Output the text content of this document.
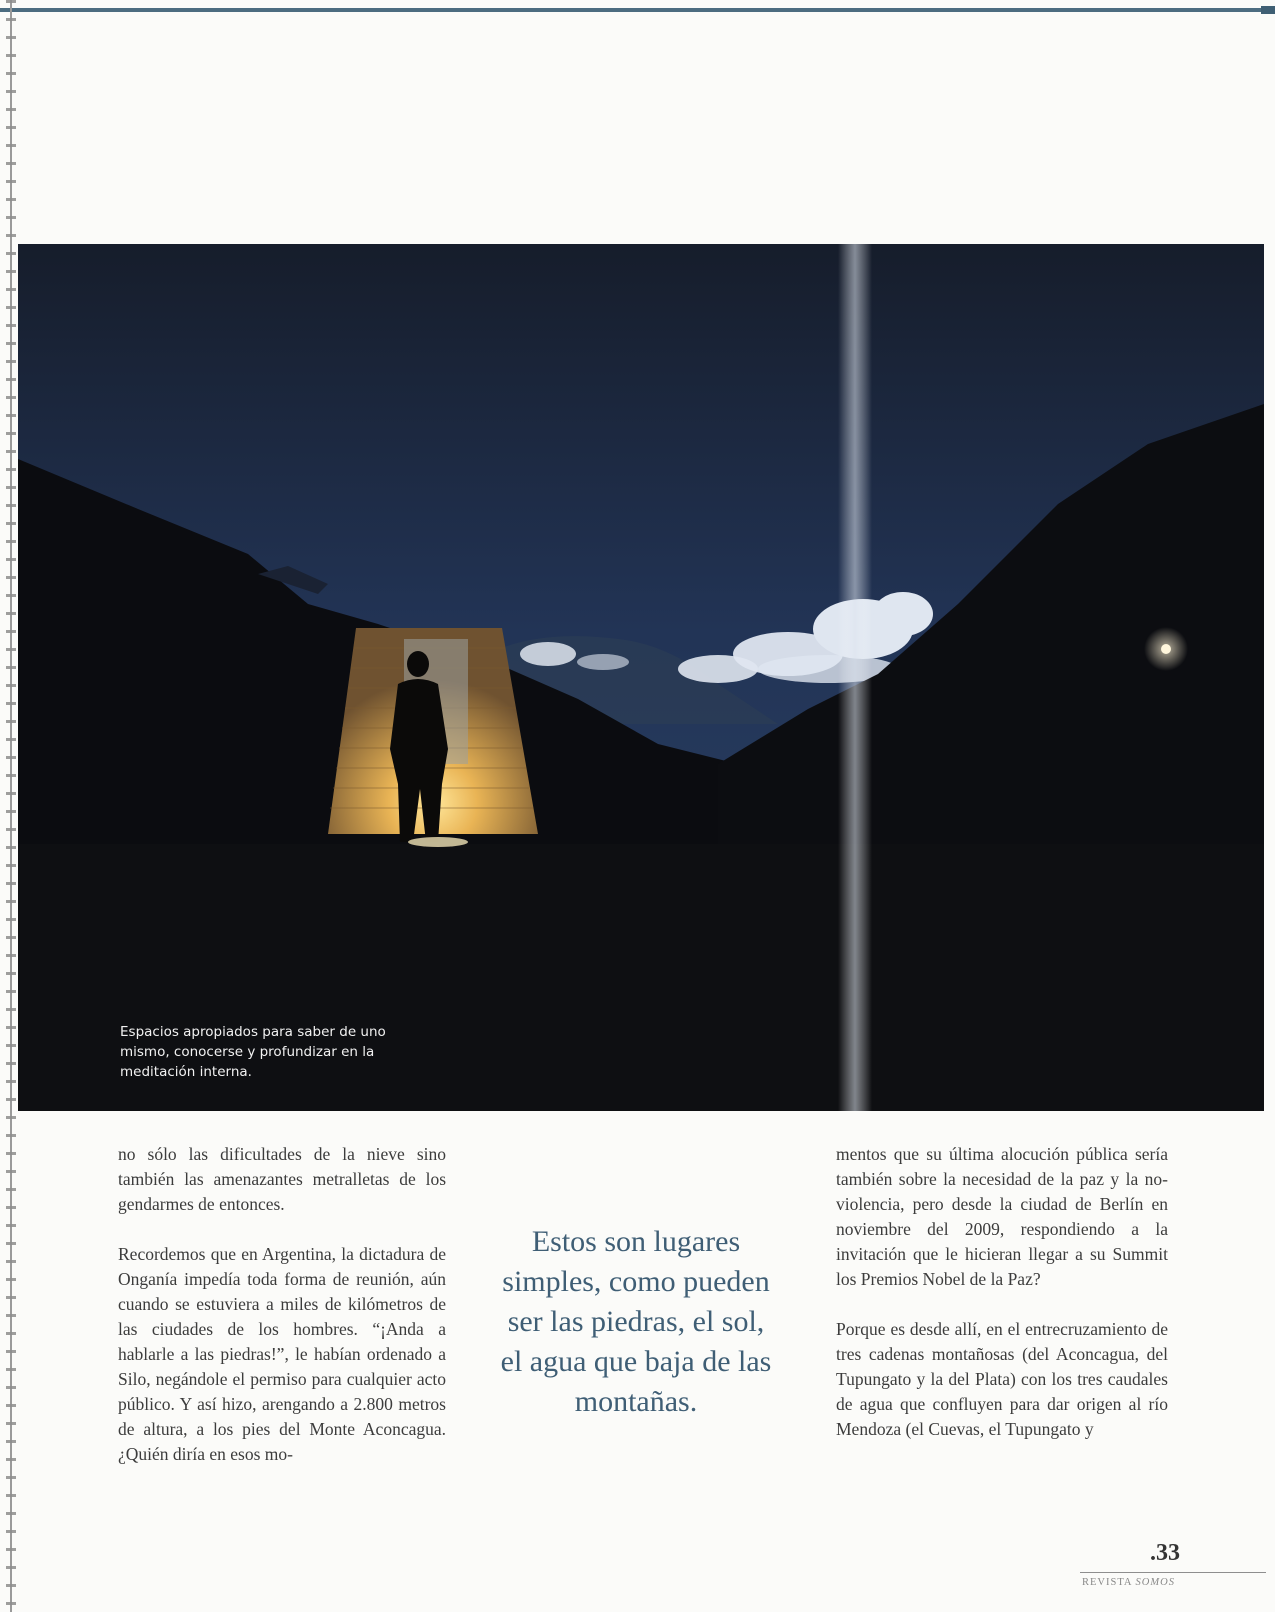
Espacios apropiados para saber de uno
mismo, conocerse y profundizar en la
meditación interna.

no sólo las dificultades de la nieve sino también las amenazantes metralletas de los gendarmes de entonces.

Recordemos que en Argentina, la dictadura de Onganía impedía toda forma de reunión, aún cuando se estuviera a miles de kilómetros de las ciudades de los hombres. “¡Anda a hablarle a las piedras!”, le habían ordenado a Silo, negándole el permiso para cualquier acto público. Y así hizo, arengando a 2.800 metros de altura, a los pies del Monte Aconcagua. ¿Quién diría en esos mo-

Estos son lugares
simples, como pueden
ser las piedras, el sol,
el agua que baja de las
montañas.

mentos que su última alocución pública sería también sobre la necesidad de la paz y la no-violencia, pero desde la ciudad de Berlín en noviembre del 2009, respondiendo a la invitación que le hicieran llegar a su Summit los Premios Nobel de la Paz?

Porque es desde allí, en el entrecruzamiento de tres cadenas montañosas (del Aconcagua, del Tupungato y la del Plata) con los tres caudales de agua que confluyen para dar origen al río Mendoza (el Cuevas, el Tupungato y

.33
REVISTA SOMOS
